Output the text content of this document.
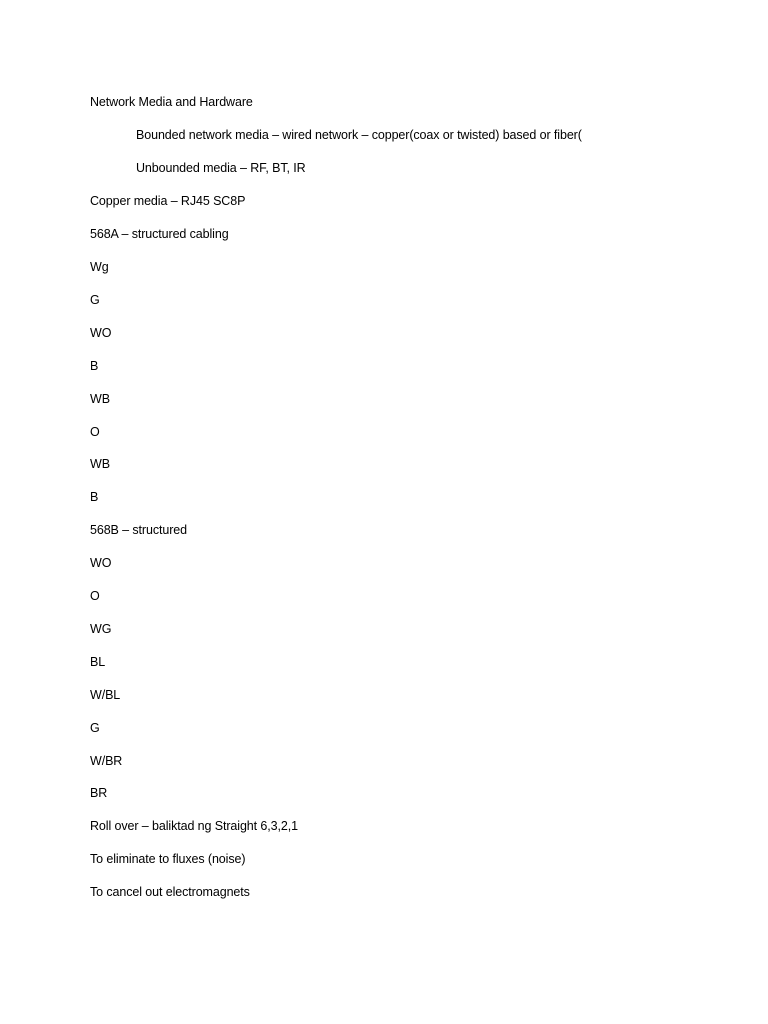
Network Media and Hardware
Bounded network media – wired network – copper(coax or twisted) based or fiber(
Unbounded media – RF, BT, IR
Copper media – RJ45 SC8P
568A – structured cabling
Wg
G
WO
B
WB
O
WB
B
568B – structured
WO
O
WG
BL
W/BL
G
W/BR
BR
Roll over – baliktad ng Straight 6,3,2,1
To eliminate to fluxes (noise)
To cancel out electromagnets
